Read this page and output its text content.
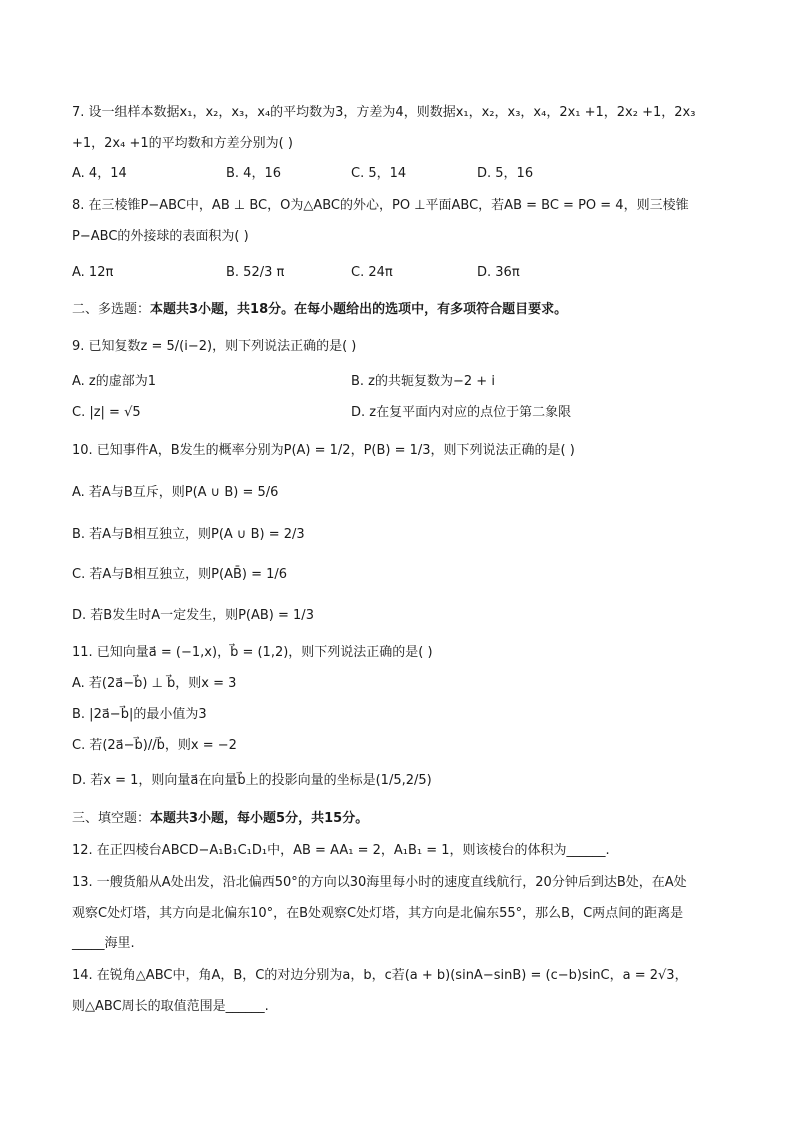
7. 设一组样本数据x₁，x₂，x₃，x₄的平均数为3，方差为4，则数据x₁，x₂，x₃，x₄，2x₁ +1，2x₂ +1，2x₃
+1，2x₄ +1的平均数和方差分别为( )
A. 4，14	B. 4，16	C. 5，14	D. 5，16
8. 在三棱锥P−ABC中，AB ⊥ BC，O为△ABC的外心，PO ⊥平面ABC，若AB = BC = PO = 4，则三棱锥
P−ABC的外接球的表面积为( )
A. 12π	B. 52/3 π	C. 24π	D. 36π
二、多选题：本题共3小题，共18分。在每小题给出的选项中，有多项符合题目要求。
9. 已知复数z = 5/(i−2)，则下列说法正确的是( )
A. z的虚部为1	B. z的共轭复数为−2 + i
C. |z| = √5	D. z在复平面内对应的点位于第二象限
10. 已知事件A，B发生的概率分别为P(A) = 1/2，P(B) = 1/3，则下列说法正确的是( )
A. 若A与B互斥，则P(A ∪ B) = 5/6
B. 若A与B相互独立，则P(A ∪ B) = 2/3
C. 若A与B相互独立，则P(AB̄) = 1/6
D. 若B发生时A一定发生，则P(AB) = 1/3
11. 已知向量a⃗ = (−1,x)，b⃗ = (1,2)，则下列说法正确的是( )
A. 若(2a⃗−b⃗) ⊥ b⃗，则x = 3
B. |2a⃗−b⃗|的最小值为3
C. 若(2a⃗−b⃗)//b⃗，则x = −2
D. 若x = 1，则向量a⃗在向量b⃗上的投影向量的坐标是(1/5,2/5)
三、填空题：本题共3小题，每小题5分，共15分。
12. 在正四棱台ABCD−A₁B₁C₁D₁中，AB = AA₁ = 2，A₁B₁ = 1，则该棱台的体积为______.
13. 一艘货船从A处出发，沿北偏西50°的方向以30海里每小时的速度直线航行，20分钟后到达B处，在A处
观察C处灯塔，其方向是北偏东10°，在B处观察C处灯塔，其方向是北偏东55°，那么B，C两点间的距离是
_____海里.
14. 在锐角△ABC中，角A，B，C的对边分别为a，b，c若(a + b)(sinA−sinB) = (c−b)sinC，a = 2√3，
则△ABC周长的取值范围是______.
